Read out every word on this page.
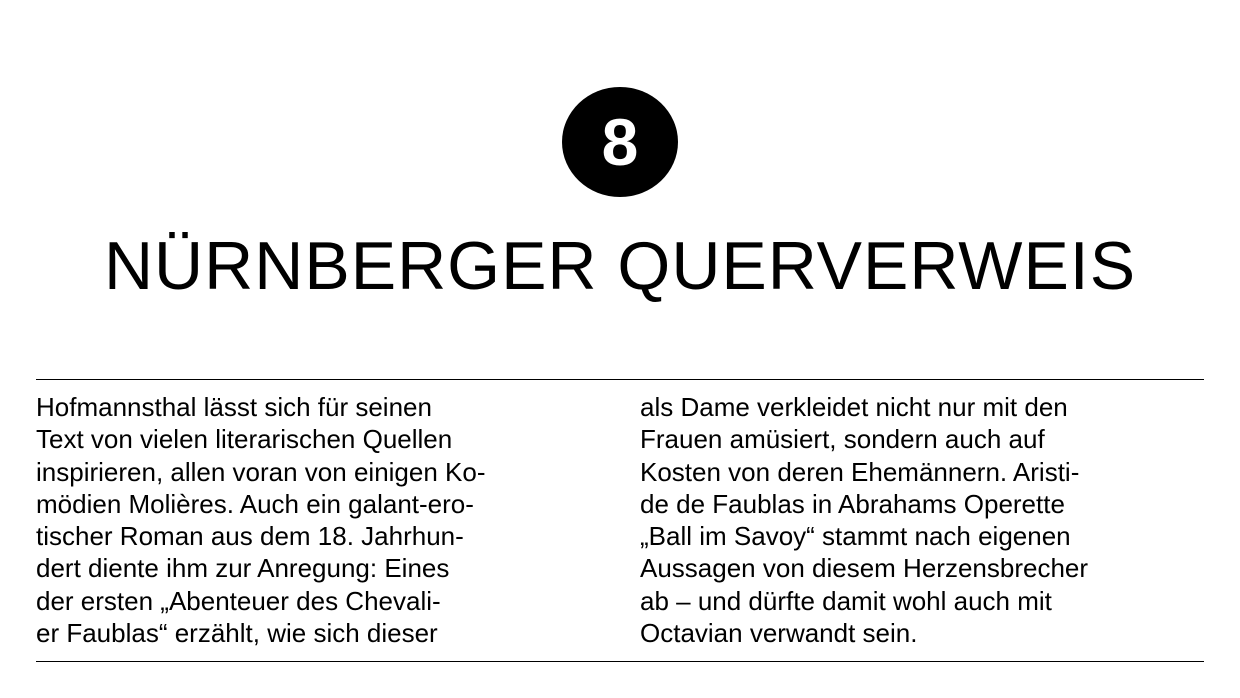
8
NÜRNBERGER QUERVERWEIS

Hofmannsthal lässt sich für seinen
Text von vielen literarischen Quellen
inspirieren, allen voran von einigen Ko-
mödien Molières. Auch ein galant-ero-
tischer Roman aus dem 18. Jahrhun-
dert diente ihm zur Anregung: Eines
der ersten „Abenteuer des Chevali-
er Faublas“ erzählt, wie sich dieser

als Dame verkleidet nicht nur mit den
Frauen amüsiert, sondern auch auf
Kosten von deren Ehemännern. Aristi-
de de Faublas in Abrahams Operette
„Ball im Savoy“ stammt nach eigenen
Aussagen von diesem Herzensbrecher
ab – und dürfte damit wohl auch mit
Octavian verwandt sein.
